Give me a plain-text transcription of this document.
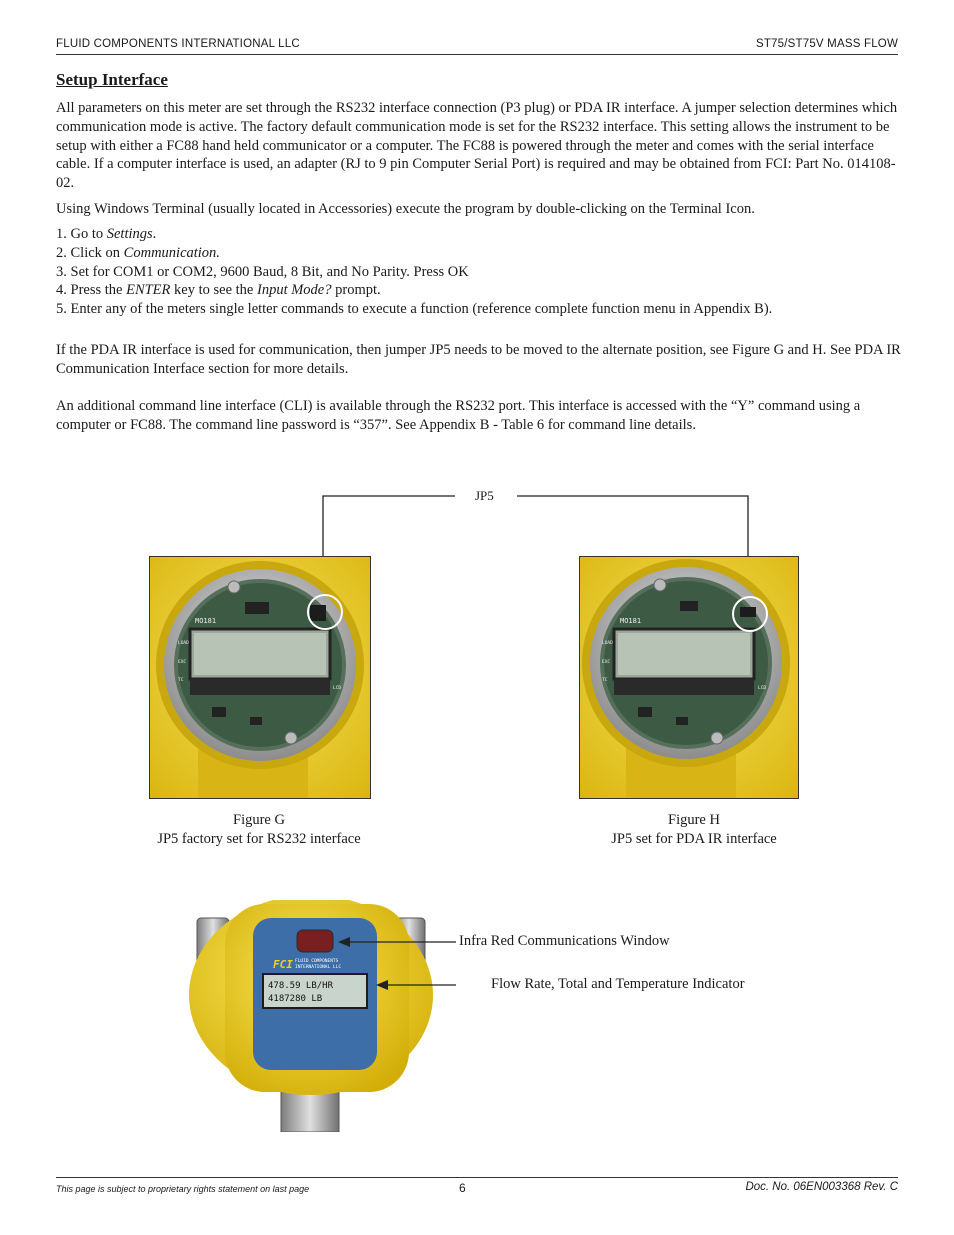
FLUID COMPONENTS INTERNATIONAL LLC	ST75/ST75V MASS FLOW
Setup Interface

All parameters on this meter are set through the RS232 interface connection (P3 plug) or PDA IR interface. A jumper selection determines which communication mode is active. The factory default communication mode is set for the RS232 interface. This setting allows the instrument to be setup with either a FC88 hand held communicator or a computer. The FC88 is powered through the meter and comes with the serial interface cable. If a computer interface is used, an adapter (RJ to 9 pin Computer Serial Port) is required and may be obtained from FCI: Part No. 014108-02.

Using Windows Terminal (usually located in Accessories) execute the program by double-clicking on the Terminal Icon.

1. Go to Settings.
2. Click on Communication.
3. Set for COM1 or COM2, 9600 Baud, 8 Bit, and No Parity. Press OK
4. Press the ENTER key to see the Input Mode? prompt.
5. Enter any of the meters single letter commands to execute a function (reference complete function menu in Appendix B).

If the PDA IR interface is used for communication, then jumper JP5 needs to be moved to the alternate position, see Figure G and H. See PDA IR Communication Interface section for more details.

An additional command line interface (CLI) is available through the RS232 port. This interface is accessed with the “Y” command using a computer or FC88. The command line password is “357”. See Appendix B - Table 6 for command line details.

JP5
MO181
LOAD
EXC
TC
LCD
MO181
LOAD
EXC
TC
LCD
Figure G
JP5 factory set for RS232 interface
Figure H
JP5 set for PDA IR interface
FCI FLUID COMPONENTS
INTERNATIONAL LLC
478.59 LB/HR
4187280 LB
Infra Red Communications Window
Flow Rate, Total and Temperature Indicator
This page is subject to proprietary rights statement on last page	6	Doc. No. 06EN003368 Rev. C
